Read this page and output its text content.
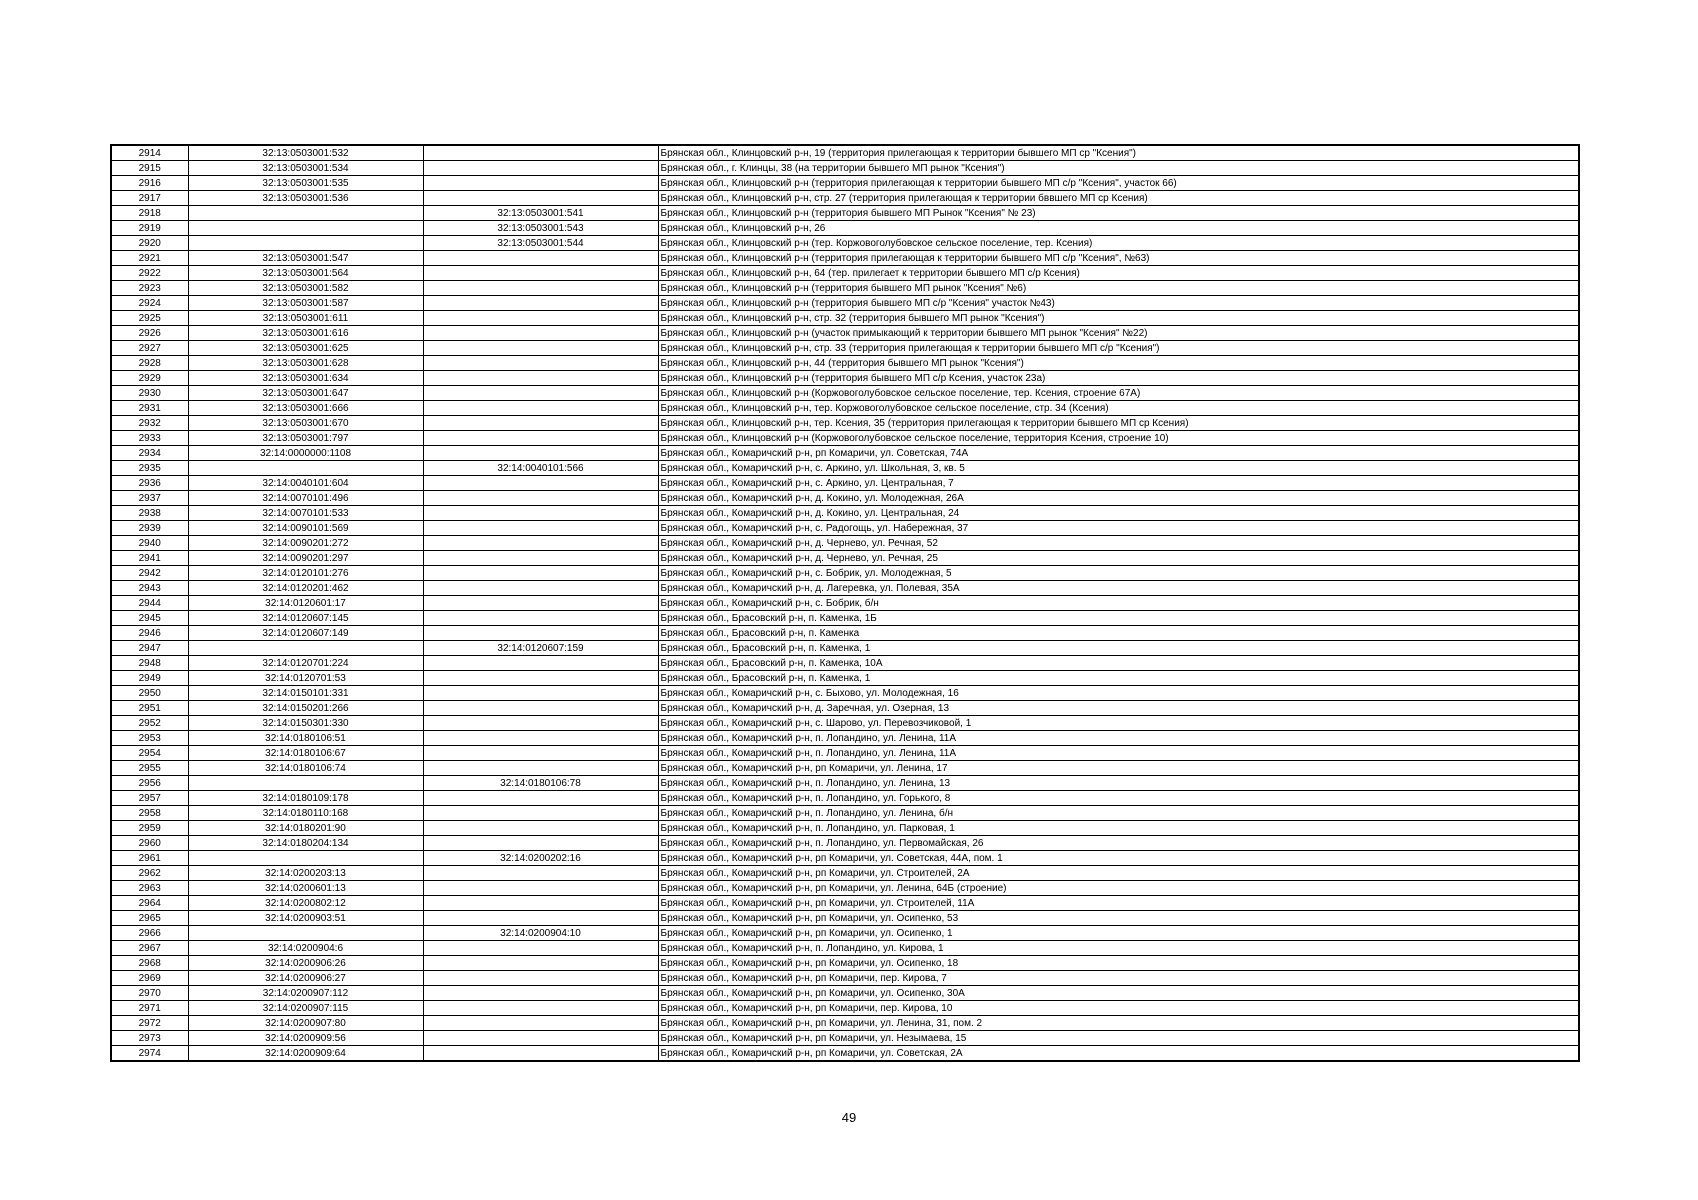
2914	32:13:0503001:532		Брянская обл., Клинцовский р-н, 19 (территория прилегающая к территории бывшего МП ср "Ксения")
2915	32:13:0503001:534		Брянская обл., г. Клинцы, 38 (на территории бывшего МП рынок "Ксения")
2916	32:13:0503001:535		Брянская обл., Клинцовский р-н (территория прилегающая к территории бывшего МП с/р "Ксения", участок 66)
2917	32:13:0503001:536		Брянская обл., Клинцовский р-н, стр. 27 (территория прилегающая к территории бввшего МП ср Ксения)
2918		32:13:0503001:541	Брянская обл., Клинцовский р-н (территория бывшего МП Рынок "Ксения" № 23)
2919		32:13:0503001:543	Брянская обл., Клинцовский р-н, 26
2920		32:13:0503001:544	Брянская обл., Клинцовский р-н (тер. Коржовоголубовское сельское поселение, тер. Ксения)
2921	32:13:0503001:547		Брянская обл., Клинцовский р-н (территория прилегающая к территории бывшего МП с/р "Ксения", №63)
2922	32:13:0503001:564		Брянская обл., Клинцовский р-н, 64 (тер. прилегает к территории бывшего МП с/р Ксения)
2923	32:13:0503001:582		Брянская обл., Клинцовский р-н (территория бывшего МП рынок "Ксения" №6)
2924	32:13:0503001:587		Брянская обл., Клинцовский р-н (территория бывшего МП с/р "Ксения" участок №43)
2925	32:13:0503001:611		Брянская обл., Клинцовский р-н, стр. 32 (территория бывшего МП рынок "Ксения")
2926	32:13:0503001:616		Брянская обл., Клинцовский р-н (участок примыкающий к территории бывшего МП рынок "Ксения" №22)
2927	32:13:0503001:625		Брянская обл., Клинцовский р-н, стр. 33 (территория прилегающая к территории бывшего МП с/р "Ксения")
2928	32:13:0503001:628		Брянская обл., Клинцовский р-н, 44 (территория бывшего МП рынок "Ксения")
2929	32:13:0503001:634		Брянская обл., Клинцовский р-н (территория бывшего МП с/р Ксения, участок 23а)
2930	32:13:0503001:647		Брянская обл., Клинцовский р-н (Коржовоголубовское сельское поселение, тер. Ксения, строение 67А)
2931	32:13:0503001:666		Брянская обл., Клинцовский р-н, тер. Коржовоголубовское сельское поселение, стр. 34 (Ксения)
2932	32:13:0503001:670		Брянская обл., Клинцовский р-н, тер. Ксения, 35 (территория прилегающая к территории бывшего МП ср Ксения)
2933	32:13:0503001:797		Брянская обл., Клинцовский р-н (Коржовоголубовское сельское поселение, территория Ксения, строение 10)
2934	32:14:0000000:1108		Брянская обл., Комаричский р-н, рп Комаричи, ул. Советская, 74А
2935		32:14:0040101:566	Брянская обл., Комаричский р-н, с. Аркино, ул. Школьная, 3, кв. 5
2936	32:14:0040101:604		Брянская обл., Комаричский р-н, с. Аркино, ул. Центральная, 7
2937	32:14:0070101:496		Брянская обл., Комаричский р-н, д. Кокино, ул. Молодежная, 26А
2938	32:14:0070101:533		Брянская обл., Комаричский р-н, д. Кокино, ул. Центральная, 24
2939	32:14:0090101:569		Брянская обл., Комаричский р-н, с. Радогощь, ул. Набережная, 37
2940	32:14:0090201:272		Брянская обл., Комаричский р-н, д. Чернево, ул. Речная, 52
2941	32:14:0090201:297		Брянская обл., Комаричский р-н, д. Чернево, ул. Речная, 25
2942	32:14:0120101:276		Брянская обл., Комаричский р-н, с. Бобрик, ул. Молодежная, 5
2943	32:14:0120201:462		Брянская обл., Комаричский р-н, д. Лагеревка, ул. Полевая, 35А
2944	32:14:0120601:17		Брянская обл., Комаричский р-н, с. Бобрик, б/н
2945	32:14:0120607:145		Брянская обл., Брасовский р-н, п. Каменка, 1Б
2946	32:14:0120607:149		Брянская обл., Брасовский р-н, п. Каменка
2947		32:14:0120607:159	Брянская обл., Брасовский р-н, п. Каменка, 1
2948	32:14:0120701:224		Брянская обл., Брасовский р-н, п. Каменка, 10А
2949	32:14:0120701:53		Брянская обл., Брасовский р-н, п. Каменка, 1
2950	32:14:0150101:331		Брянская обл., Комаричский р-н, с. Быхово, ул. Молодежная, 16
2951	32:14:0150201:266		Брянская обл., Комаричский р-н, д. Заречная, ул. Озерная, 13
2952	32:14:0150301:330		Брянская обл., Комаричский р-н, с. Шарово, ул. Перевозчиковой, 1
2953	32:14:0180106:51		Брянская обл., Комаричский р-н, п. Лопандино, ул. Ленина, 11А
2954	32:14:0180106:67		Брянская обл., Комаричский р-н, п. Лопандино, ул. Ленина, 11А
2955	32:14:0180106:74		Брянская обл., Комаричский р-н, рп Комаричи, ул. Ленина, 17
2956		32:14:0180106:78	Брянская обл., Комаричский р-н, п. Лопандино, ул. Ленина, 13
2957	32:14:0180109:178		Брянская обл., Комаричский р-н, п. Лопандино, ул. Горького, 8
2958	32:14:0180110:168		Брянская обл., Комаричский р-н, п. Лопандино, ул. Ленина, б/н
2959	32:14:0180201:90		Брянская обл., Комаричский р-н, п. Лопандино, ул. Парковая, 1
2960	32:14:0180204:134		Брянская обл., Комаричский р-н, п. Лопандино, ул. Первомайская, 26
2961		32:14:0200202:16	Брянская обл., Комаричский р-н, рп Комаричи, ул. Советская, 44А, пом. 1
2962	32:14:0200203:13		Брянская обл., Комаричский р-н, рп Комаричи, ул. Строителей, 2А
2963	32:14:0200601:13		Брянская обл., Комаричский р-н, рп Комаричи, ул. Ленина, 64Б (строение)
2964	32:14:0200802:12		Брянская обл., Комаричский р-н, рп Комаричи, ул. Строителей, 11А
2965	32:14:0200903:51		Брянская обл., Комаричский р-н, рп Комаричи, ул. Осипенко, 53
2966		32:14:0200904:10	Брянская обл., Комаричский р-н, рп Комаричи, ул. Осипенко, 1
2967	32:14:0200904:6		Брянская обл., Комаричский р-н, п. Лопандино, ул. Кирова, 1
2968	32:14:0200906:26		Брянская обл., Комаричский р-н, рп Комаричи, ул. Осипенко, 18
2969	32:14:0200906:27		Брянская обл., Комаричский р-н, рп Комаричи, пер. Кирова, 7
2970	32:14:0200907:112		Брянская обл., Комаричский р-н, рп Комаричи, ул. Осипенко, 30А
2971	32:14:0200907:115		Брянская обл., Комаричский р-н, рп Комаричи, пер. Кирова, 10
2972	32:14:0200907:80		Брянская обл., Комаричский р-н, рп Комаричи, ул. Ленина, 31, пом. 2
2973	32:14:0200909:56		Брянская обл., Комаричский р-н, рп Комаричи, ул. Незымаева, 15
2974	32:14:0200909:64		Брянская обл., Комаричский р-н, рп Комаричи, ул. Советская, 2А
49
